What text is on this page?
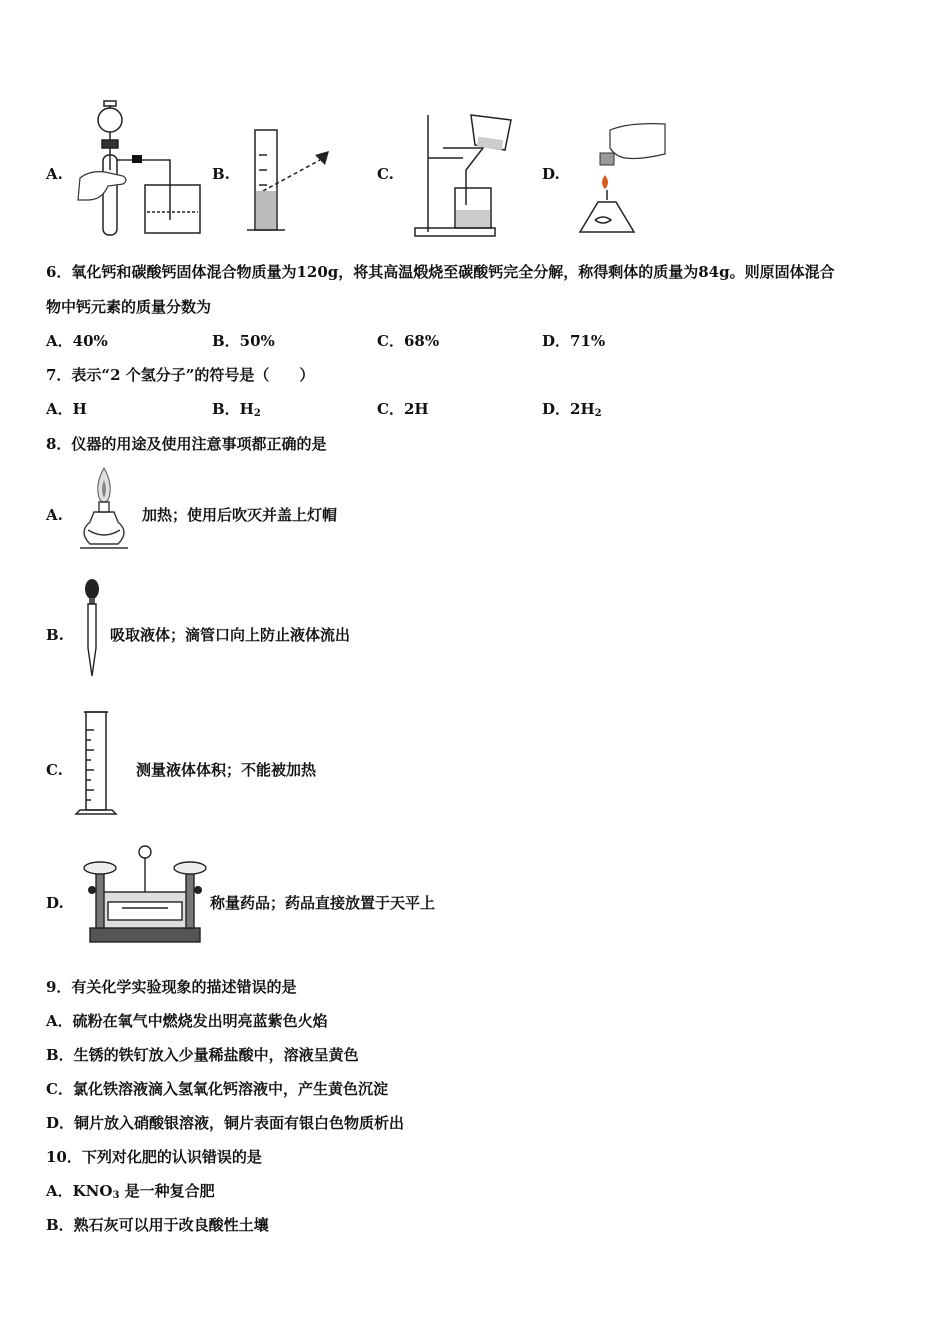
A.	B.	C.	D.
6．氧化钙和碳酸钙固体混合物质量为120g，将其高温煅烧至碳酸钙完全分解，称得剩体的质量为84g。则原固体混合
物中钙元素的质量分数为
A．40%	B．50%	C．68%	D．71%
7．表示“2 个氢分子”的符号是（　　）
A．H	B．$H_2$	C．2H	D．$2H_2$
8．仪器的用途及使用注意事项都正确的是
A.	加热；使用后吹灭并盖上灯帽
B.	吸取液体；滴管口向上防止液体流出
C.	测量液体体积；不能被加热
D.	称量药品；药品直接放置于天平上
9．有关化学实验现象的描述错误的是
A．硫粉在氧气中燃烧发出明亮蓝紫色火焰
B．生锈的铁钉放入少量稀盐酸中，溶液呈黄色
C．氯化铁溶液滴入氢氧化钙溶液中，产生黄色沉淀
D．铜片放入硝酸银溶液，铜片表面有银白色物质析出
10．下列对化肥的认识错误的是
A．$KNO_3$ 是一种复合肥
B．熟石灰可以用于改良酸性土壤
